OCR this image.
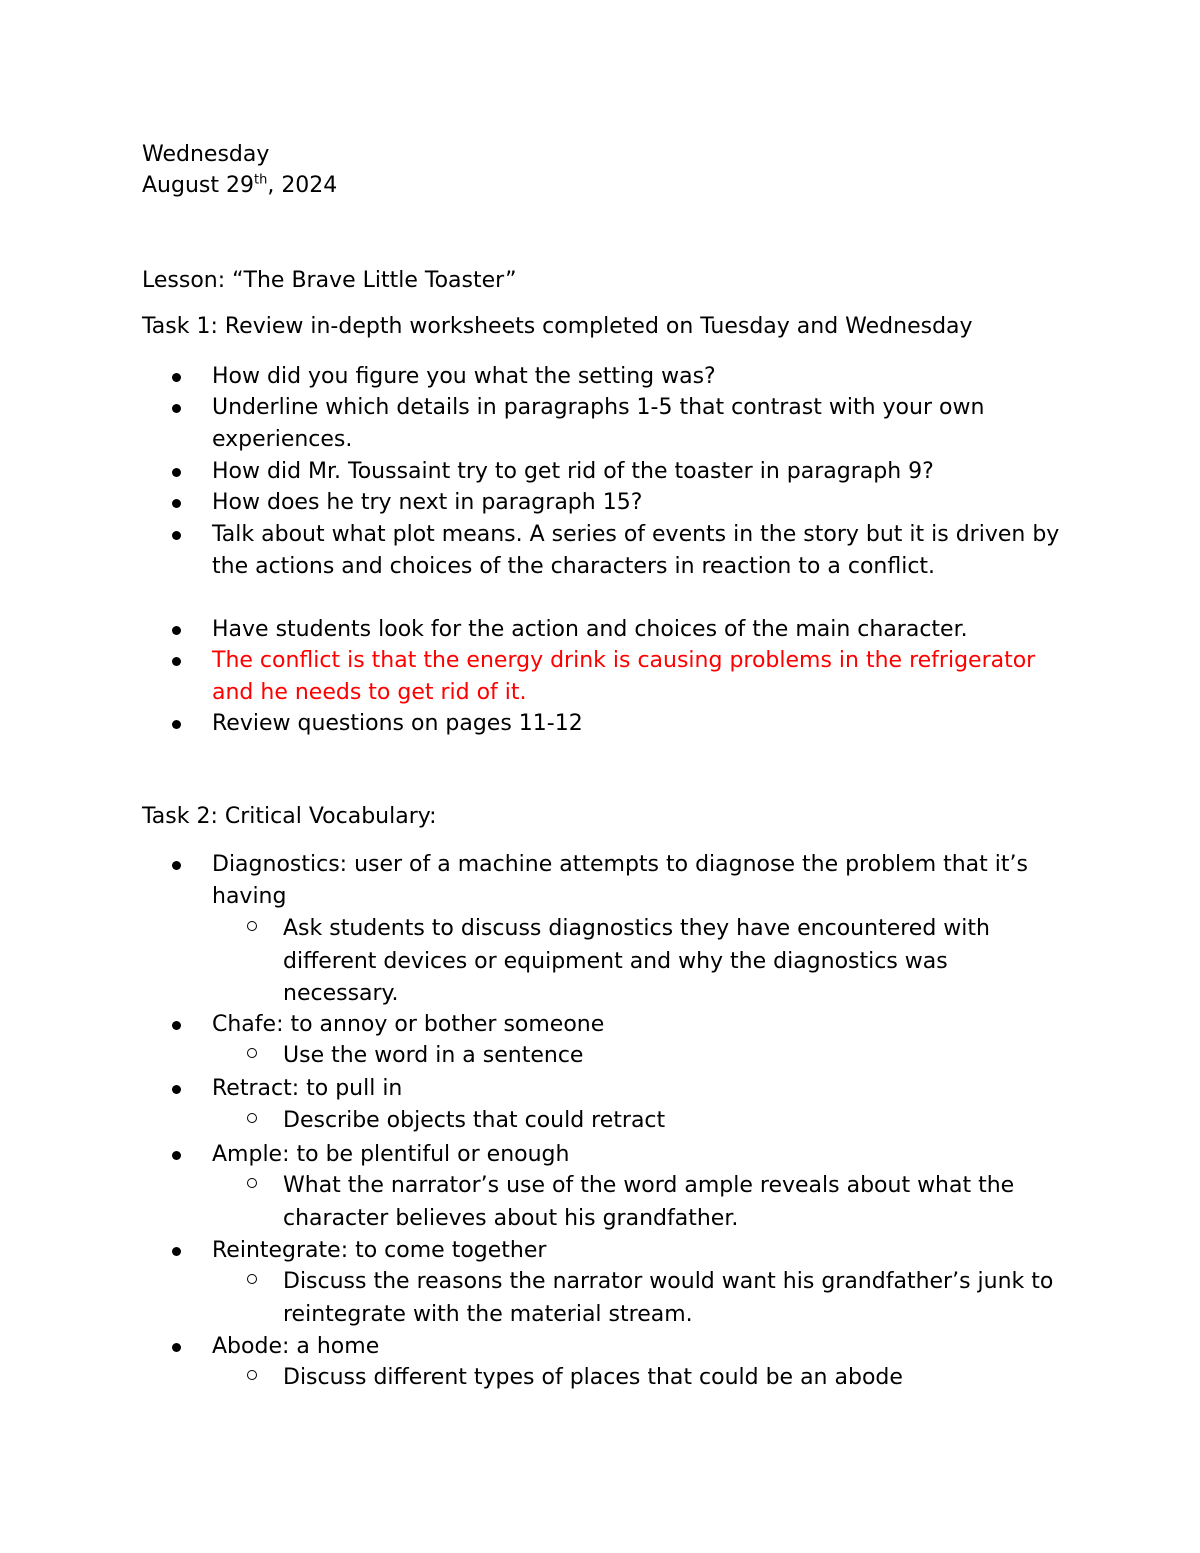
Wednesday
August 29th, 2024
Lesson: “The Brave Little Toaster”
Task 1: Review in-depth worksheets completed on Tuesday and Wednesday
How did you figure you what the setting was?
Underline which details in paragraphs 1-5 that contrast with your own experiences.
How did Mr. Toussaint try to get rid of the toaster in paragraph 9?
How does he try next in paragraph 15?
Talk about what plot means. A series of events in the story but it is driven by the actions and choices of the characters in reaction to a conflict.
Have students look for the action and choices of the main character.
The conflict is that the energy drink is causing problems in the refrigerator and he needs to get rid of it.
Review questions on pages 11-12
Task 2: Critical Vocabulary:
Diagnostics: user of a machine attempts to diagnose the problem that it’s having
Ask students to discuss diagnostics they have encountered with different devices or equipment and why the diagnostics was necessary.
Chafe: to annoy or bother someone
Use the word in a sentence
Retract: to pull in
Describe objects that could retract
Ample: to be plentiful or enough
What the narrator’s use of the word ample reveals about what the character believes about his grandfather.
Reintegrate: to come together
Discuss the reasons the narrator would want his grandfather’s junk to reintegrate with the material stream.
Abode: a home
Discuss different types of places that could be an abode
